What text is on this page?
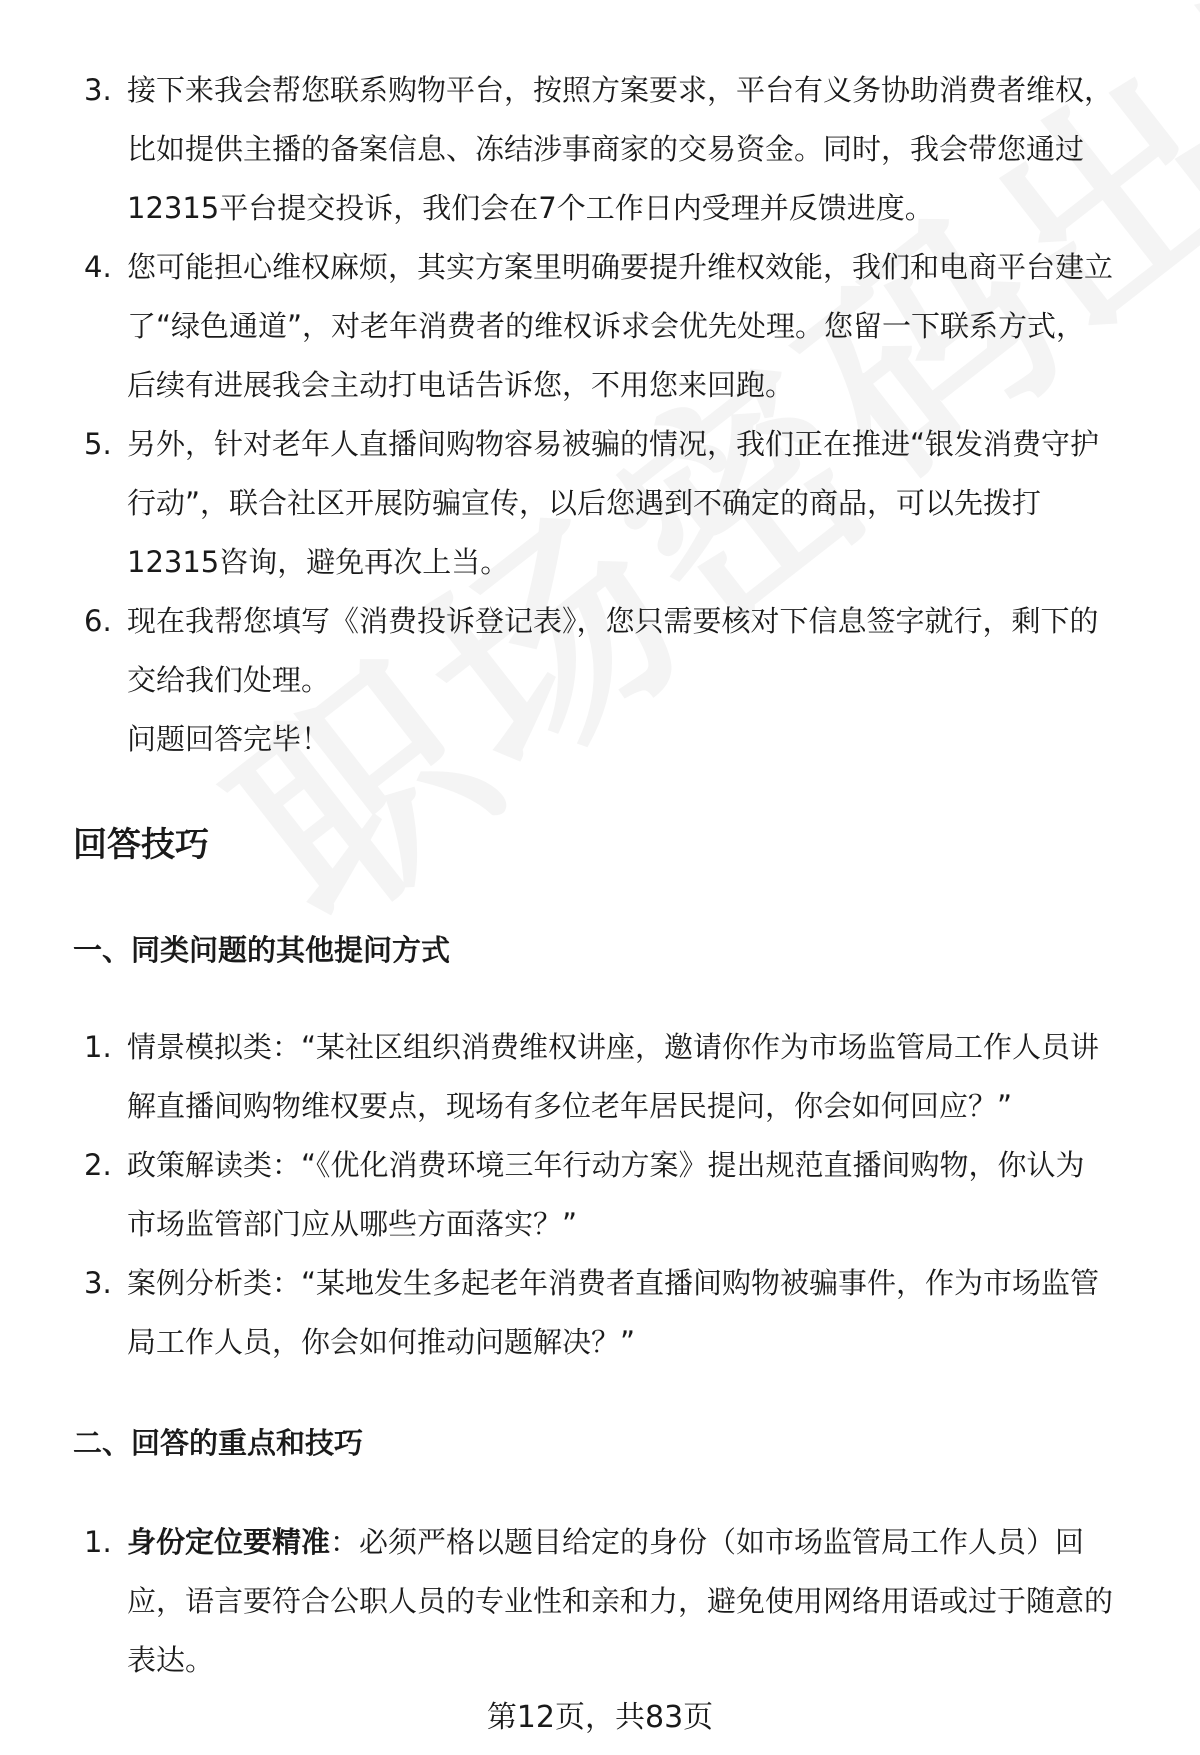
3. 接下来我会帮您联系购物平台，按照方案要求，平台有义务协助消费者维权，
比如提供主播的备案信息、冻结涉事商家的交易资金。同时，我会带您通过
12315平台提交投诉，我们会在7个工作日内受理并反馈进度。
4. 您可能担心维权麻烦，其实方案里明确要提升维权效能，我们和电商平台建立
了“绿色通道”，对老年消费者的维权诉求会优先处理。您留一下联系方式，
后续有进展我会主动打电话告诉您，不用您来回跑。
5. 另外，针对老年人直播间购物容易被骗的情况，我们正在推进“银发消费守护
行动”，联合社区开展防骗宣传，以后您遇到不确定的商品，可以先拨打
12315咨询，避免再次上当。
6. 现在我帮您填写《消费投诉登记表》，您只需要核对下信息签字就行，剩下的
交给我们处理。
问题回答完毕！
回答技巧
一、同类问题的其他提问方式
1. 情景模拟类：“某社区组织消费维权讲座，邀请你作为市场监管局工作人员讲
解直播间购物维权要点，现场有多位老年居民提问，你会如何回应？”
2. 政策解读类：“《优化消费环境三年行动方案》提出规范直播间购物，你认为
市场监管部门应从哪些方面落实？”
3. 案例分析类：“某地发生多起老年消费者直播间购物被骗事件，作为市场监管
局工作人员，你会如何推动问题解决？”
二、回答的重点和技巧
1. 身份定位要精准：必须严格以题目给定的身份（如市场监管局工作人员）回
应，语言要符合公职人员的专业性和亲和力，避免使用网络用语或过于随意的
表达。
第12页，共83页
